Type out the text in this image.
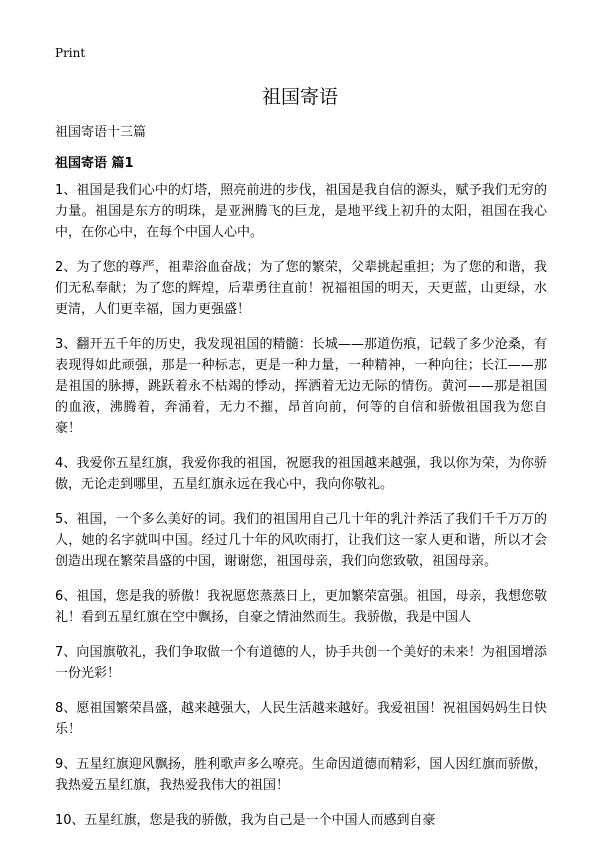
Print
祖国寄语
祖国寄语十三篇
祖国寄语 篇1

1、祖国是我们心中的灯塔，照亮前进的步伐，祖国是我自信的源头，赋予我们无穷的力量。祖国是东方的明珠，是亚洲腾飞的巨龙，是地平线上初升的太阳，祖国在我心中，在你心中，在每个中国人心中。

2、为了您的尊严，祖辈浴血奋战；为了您的繁荣，父辈挑起重担；为了您的和谐，我们无私奉献；为了您的辉煌，后辈勇往直前！祝福祖国的明天，天更蓝，山更绿，水更清，人们更幸福，国力更强盛！

3、翻开五千年的历史，我发现祖国的精髓：长城——那道伤痕，记载了多少沧桑，有表现得如此顽强，那是一种标志，更是一种力量，一种精神，一种向往；长江——那是祖国的脉搏，跳跃着永不枯竭的悸动，挥洒着无边无际的情伤。黄河——那是祖国的血液，沸腾着，奔涌着，无力不摧，昂首向前，何等的自信和骄傲祖国我为您自豪！

4、我爱你五星红旗，我爱你我的祖国，祝愿我的祖国越来越强，我以你为荣，为你骄傲，无论走到哪里，五星红旗永远在我心中，我向你敬礼。

5、祖国，一个多么美好的词。我们的祖国用自己几十年的乳汁养活了我们千千万万的人，她的名字就叫中国。经过几十年的风吹雨打，让我们这一家人更和谐，所以才会创造出现在繁荣昌盛的中国，谢谢您，祖国母亲，我们向您致敬，祖国母亲。

6、祖国，您是我的骄傲！我祝愿您蒸蒸日上，更加繁荣富强。祖国，母亲，我想您敬礼！看到五星红旗在空中飘扬，自豪之情油然而生。我骄傲，我是中国人

7、向国旗敬礼，我们争取做一个有道德的人，协手共创一个美好的未来！为祖国增添一份光彩！

8、愿祖国繁荣昌盛，越来越强大，人民生活越来越好。我爱祖国！祝祖国妈妈生日快乐！

9、五星红旗迎风飘扬，胜利歌声多么嘹亮。生命因道德而精彩，国人因红旗而骄傲，我热爱五星红旗，我热爱我伟大的祖国！

10、五星红旗，您是我的骄傲，我为自己是一个中国人而感到自豪
